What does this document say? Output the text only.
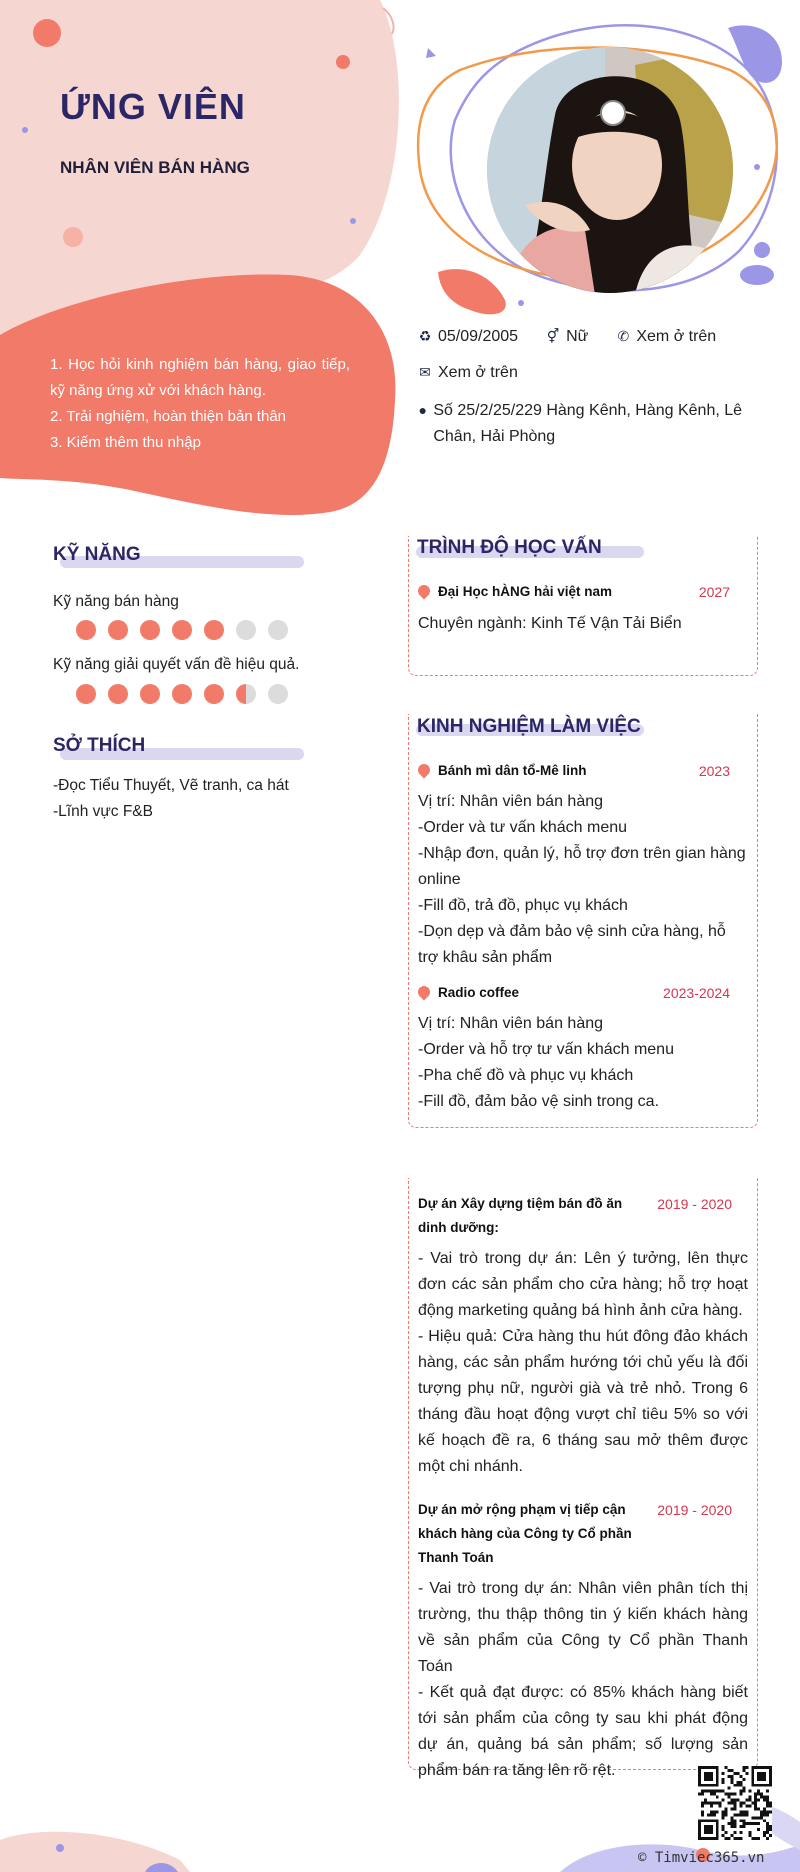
ỨNG VIÊN
NHÂN VIÊN BÁN HÀNG
1. Học hỏi kinh nghiệm bán hàng, giao tiếp, kỹ năng ứng xử với khách hàng.
2. Trải nghiệm, hoàn thiện bản thân
3. Kiếm thêm thu nhập
♻ 05/09/2005 ⚥ Nữ ✆ Xem ở trên
✉ Xem ở trên
● Số 25/2/25/229 Hàng Kênh, Hàng Kênh, Lê Chân, Hải Phòng
KỸ NĂNG
Kỹ năng bán hàng
Kỹ năng giải quyết vấn đề hiệu quả.
SỞ THÍCH
-Đọc Tiểu Thuyết, Vẽ tranh, ca hát
-Lĩnh vực F&B
TRÌNH ĐỘ HỌC VẤN
Đại Học hÀNG hải việt nam	2027
Chuyên ngành: Kinh Tế Vận Tải Biển
KINH NGHIỆM LÀM VIỆC
Bánh mì dân tổ-Mê linh	2023
Vị trí: Nhân viên bán hàng
-Order và tư vấn khách menu
-Nhập đơn, quản lý, hỗ trợ đơn trên gian hàng online
-Fill đồ, trả đồ, phục vụ khách
-Dọn dẹp và đảm bảo vệ sinh cửa hàng, hỗ trợ khâu sản phẩm
Radio coffee	2023-2024
Vị trí: Nhân viên bán hàng
-Order và hỗ trợ tư vấn khách menu
-Pha chế đồ và phục vụ khách
-Fill đồ, đảm bảo vệ sinh trong ca.
Dự án Xây dựng tiệm bán đồ ăn dinh dưỡng:
2019 - 2020
- Vai trò trong dự án: Lên ý tưởng, lên thực đơn các sản phẩm cho cửa hàng; hỗ trợ hoạt động marketing quảng bá hình ảnh cửa hàng.
- Hiệu quả: Cửa hàng thu hút đông đảo khách hàng, các sản phẩm hướng tới chủ yếu là đối tượng phụ nữ, người già và trẻ nhỏ. Trong 6 tháng đầu hoạt động vượt chỉ tiêu 5% so với kế hoạch đề ra, 6 tháng sau mở thêm được một chi nhánh.
Dự án mở rộng phạm vị tiếp cận khách hàng của Công ty Cổ phần Thanh Toán
2019 - 2020
- Vai trò trong dự án: Nhân viên phân tích thị trường, thu thập thông tin ý kiến khách hàng về sản phẩm của Công ty Cổ phần Thanh Toán
- Kết quả đạt được: có 85% khách hàng biết tới sản phẩm của công ty sau khi phát động dự án, quảng bá sản phẩm; số lượng sản phẩm bán ra tăng lên rõ rệt.
© Timviec365.vn
